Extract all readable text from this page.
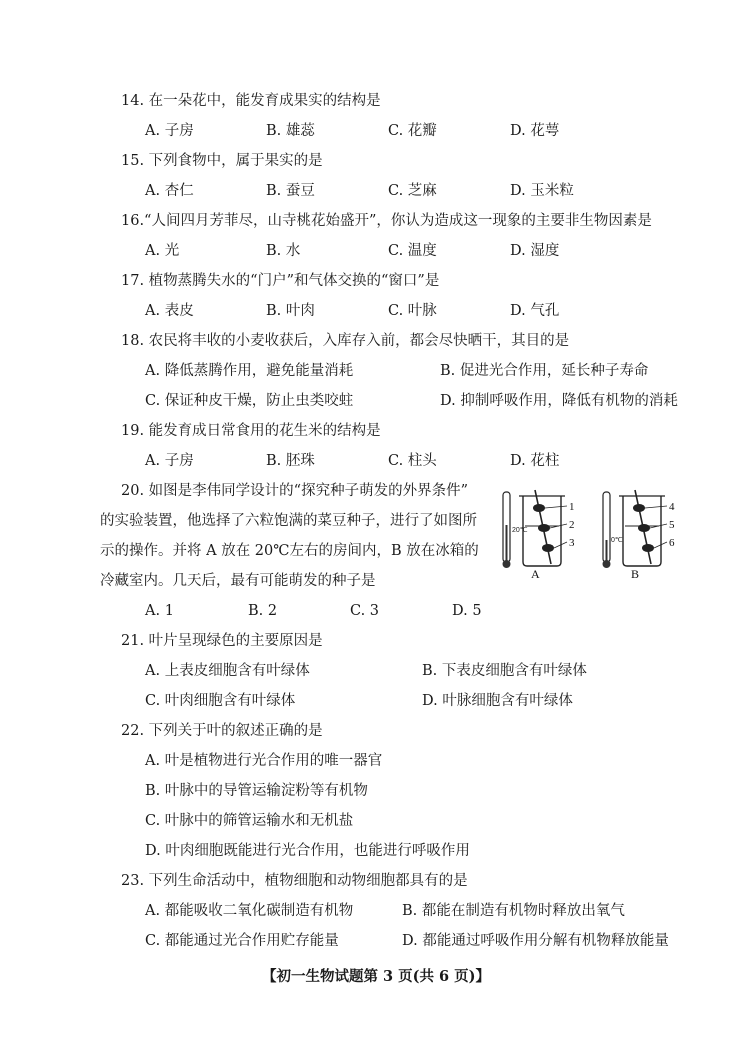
14. 在一朵花中，能发育成果实的结构是
A. 子房	B. 雄蕊	C. 花瓣	D. 花萼
15. 下列食物中，属于果实的是
A. 杏仁	B. 蚕豆	C. 芝麻	D. 玉米粒
16.“人间四月芳菲尽，山寺桃花始盛开”，你认为造成这一现象的主要非生物因素是
A. 光	B. 水	C. 温度	D. 湿度
17. 植物蒸腾失水的“门户”和气体交换的“窗口”是
A. 表皮	B. 叶肉	C. 叶脉	D. 气孔
18. 农民将丰收的小麦收获后，入库存入前，都会尽快晒干，其目的是
A. 降低蒸腾作用，避免能量消耗	B. 促进光合作用，延长种子寿命
C. 保证种皮干燥，防止虫类咬蛀	D. 抑制呼吸作用，降低有机物的消耗
19. 能发育成日常食用的花生米的结构是
A. 子房	B. 胚珠	C. 柱头	D. 花柱
20. 如图是李伟同学设计的“探究种子萌发的外界条件”
的实验装置，他选择了六粒饱满的菜豆种子，进行了如图所
示的操作。并将 A 放在 20℃左右的房间内，B 放在冰箱的
冷藏室内。几天后，最有可能萌发的种子是
A. 1	B. 2	C. 3	D. 5
20℃
1
2
3
A
0℃
4
5
6
B
21. 叶片呈现绿色的主要原因是
A. 上表皮细胞含有叶绿体	B. 下表皮细胞含有叶绿体
C. 叶肉细胞含有叶绿体	D. 叶脉细胞含有叶绿体
22. 下列关于叶的叙述正确的是
A. 叶是植物进行光合作用的唯一器官
B. 叶脉中的导管运输淀粉等有机物
C. 叶脉中的筛管运输水和无机盐
D. 叶肉细胞既能进行光合作用，也能进行呼吸作用
23. 下列生命活动中，植物细胞和动物细胞都具有的是
A. 都能吸收二氧化碳制造有机物	B. 都能在制造有机物时释放出氧气
C. 都能通过光合作用贮存能量	D. 都能通过呼吸作用分解有机物释放能量
【初一生物试题第 3 页(共 6 页)】
